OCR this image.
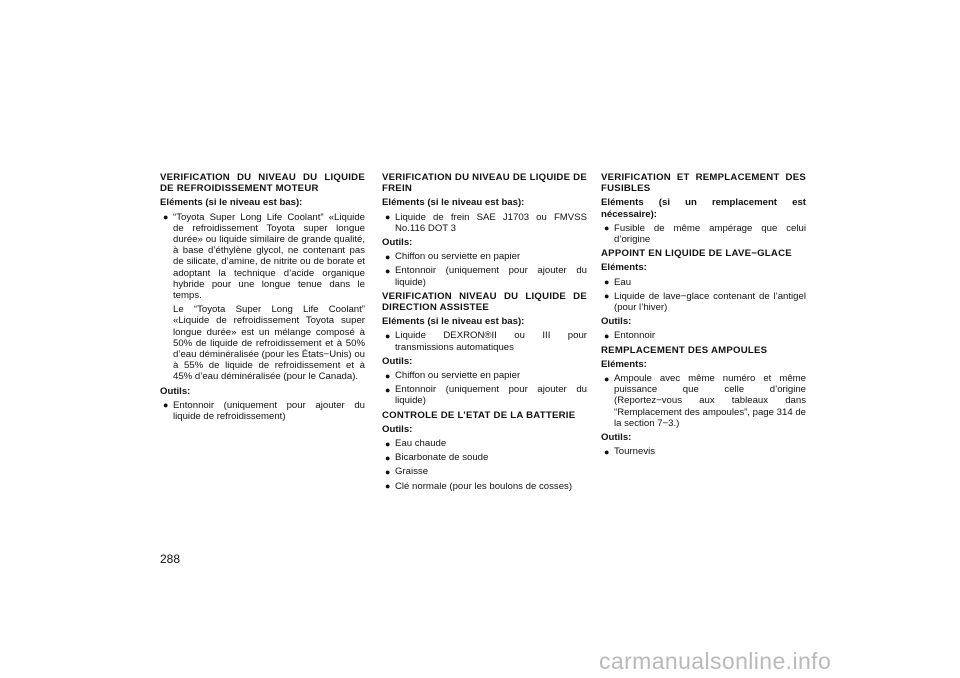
VERIFICATION DU NIVEAU DU LIQUIDE DE REFROIDISSEMENT MOTEUR
Eléments (si le niveau est bas):
● “Toyota Super Long Life Coolant” «Liquide de refroidissement Toyota super longue durée» ou liquide similaire de grande qualité, à base d’éthylène glycol, ne contenant pas de silicate, d’amine, de nitrite ou de borate et adoptant la technique d’acide organique hybride pour une longue tenue dans le temps.
Le “Toyota Super Long Life Coolant” «Liquide de refroidissement Toyota super longue durée» est un mélange composé à 50% de liquide de refroidissement et à 50% d’eau déminéralisée (pour les États−Unis) ou à 55% de liquide de refroidissement et à 45% d’eau déminéralisée (pour le Canada).
Outils:
● Entonnoir (uniquement pour ajouter du liquide de refroidissement)
VERIFICATION DU NIVEAU DE LIQUIDE DE FREIN
Eléments (si le niveau est bas):
● Liquide de frein SAE J1703 ou FMVSS No.116 DOT 3
Outils:
● Chiffon ou serviette en papier
● Entonnoir (uniquement pour ajouter du liquide)
VERIFICATION NIVEAU DU LIQUIDE DE DIRECTION ASSISTEE
Eléments (si le niveau est bas):
● Liquide DEXRON®II ou III pour transmissions automatiques
Outils:
● Chiffon ou serviette en papier
● Entonnoir (uniquement pour ajouter du liquide)
CONTROLE DE L’ETAT DE LA BATTERIE
Outils:
● Eau chaude
● Bicarbonate de soude
● Graisse
● Clé normale (pour les boulons de cosses)
VERIFICATION ET REMPLACEMENT DES FUSIBLES
Eléments (si un remplacement est nécessaire):
● Fusible de même ampérage que celui d’origine
APPOINT EN LIQUIDE DE LAVE−GLACE
Eléments:
● Eau
● Liquide de lave−glace contenant de l’antigel (pour l’hiver)
Outils:
● Entonnoir
REMPLACEMENT DES AMPOULES
Eléments:
● Ampoule avec même numéro et même puissance que celle d’origine (Reportez−vous aux tableaux dans “Remplacement des ampoules”, page 314 de la section 7−3.)
Outils:
● Tournevis
288
carmanualsonline.info
